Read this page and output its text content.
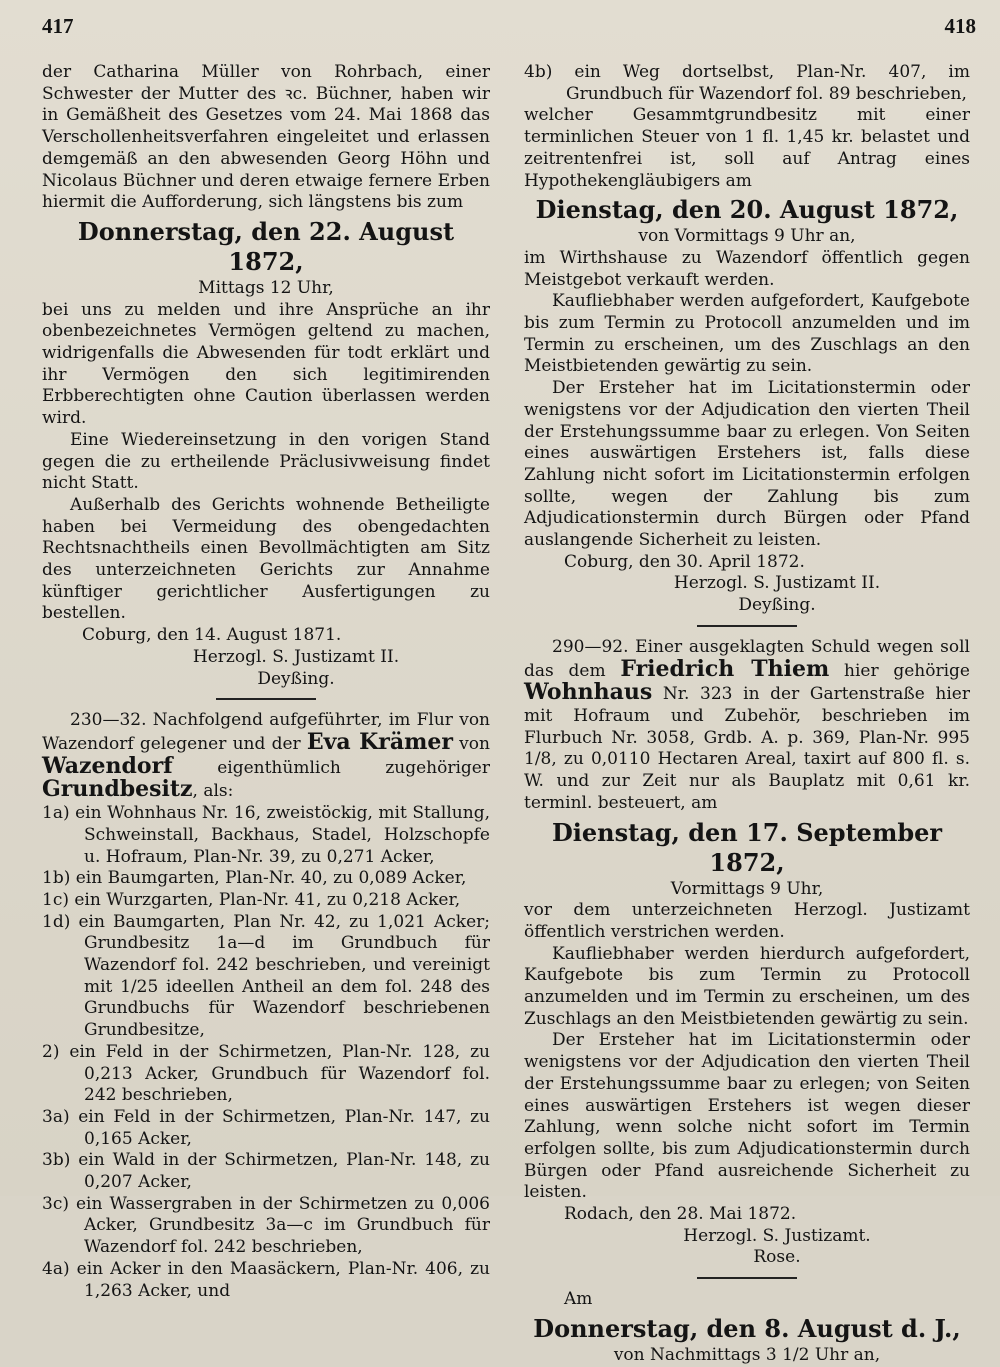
417	418

der Catharina Müller von Rohrbach, einer Schwester der Mutter des ꝛc. Büchner, haben wir in Gemäßheit des Gesetzes vom 24. Mai 1868 das Verschollenheitsverfahren eingeleitet und erlassen demgemäß an den abwesenden Georg Höhn und Nicolaus Büchner und deren etwaige fernere Erben hiermit die Aufforderung, sich längstens bis zum

Donnerstag, den 22. August 1872,

Mittags 12 Uhr,

bei uns zu melden und ihre Ansprüche an ihr obenbezeichnetes Vermögen geltend zu machen, widrigenfalls die Abwesenden für todt erklärt und ihr Vermögen den sich legitimirenden Erbberechtigten ohne Caution überlassen werden wird.

Eine Wiedereinsetzung in den vorigen Stand gegen die zu ertheilende Präclusivweisung findet nicht Statt.

Außerhalb des Gerichts wohnende Betheiligte haben bei Vermeidung des obengedachten Rechtsnachtheils einen Bevollmächtigten am Sitz des unterzeichneten Gerichts zur Annahme künftiger gerichtlicher Ausfertigungen zu bestellen.

Coburg, den 14. August 1871.

Herzogl. S. Justizamt II.

Deyßing.

230—32. Nachfolgend aufgeführter, im Flur von Wazendorf gelegener und der Eva Krämer von Wazendorf eigenthümlich zugehöriger Grundbesitz, als:

1a) ein Wohnhaus Nr. 16, zweistöckig, mit Stallung, Schweinstall, Backhaus, Stadel, Holzschopfe u. Hofraum, Plan-Nr. 39, zu 0,271 Acker,

1b) ein Baumgarten, Plan-Nr. 40, zu 0,089 Acker,

1c) ein Wurzgarten, Plan-Nr. 41, zu 0,218 Acker,

1d) ein Baumgarten, Plan Nr. 42, zu 1,021 Acker; Grundbesitz 1a—d im Grundbuch für Wazendorf fol. 242 beschrieben, und vereinigt mit 1/25 ideellen Antheil an dem fol. 248 des Grundbuchs für Wazendorf beschriebenen Grundbesitze,

2) ein Feld in der Schirmetzen, Plan-Nr. 128, zu 0,213 Acker, Grundbuch für Wazendorf fol. 242 beschrieben,

3a) ein Feld in der Schirmetzen, Plan-Nr. 147, zu 0,165 Acker,

3b) ein Wald in der Schirmetzen, Plan-Nr. 148, zu 0,207 Acker,

3c) ein Wassergraben in der Schirmetzen zu 0,006 Acker, Grundbesitz 3a—c im Grundbuch für Wazendorf fol. 242 beschrieben,

4a) ein Acker in den Maasäckern, Plan-Nr. 406, zu 1,263 Acker, und

4b) ein Weg dortselbst, Plan-Nr. 407, im Grundbuch für Wazendorf fol. 89 beschrieben,

welcher Gesammtgrundbesitz mit einer terminlichen Steuer von 1 fl. 1,45 kr. belastet und zeitrentenfrei ist, soll auf Antrag eines Hypothekengläubigers am

Dienstag, den 20. August 1872,

von Vormittags 9 Uhr an,

im Wirthshause zu Wazendorf öffentlich gegen Meistgebot verkauft werden.

Kaufliebhaber werden aufgefordert, Kaufgebote bis zum Termin zu Protocoll anzumelden und im Termin zu erscheinen, um des Zuschlags an den Meistbietenden gewärtig zu sein.

Der Ersteher hat im Licitationstermin oder wenigstens vor der Adjudication den vierten Theil der Erstehungssumme baar zu erlegen. Von Seiten eines auswärtigen Erstehers ist, falls diese Zahlung nicht sofort im Licitationstermin erfolgen sollte, wegen der Zahlung bis zum Adjudicationstermin durch Bürgen oder Pfand auslangende Sicherheit zu leisten.

Coburg, den 30. April 1872.

Herzogl. S. Justizamt II.

Deyßing.

290—92. Einer ausgeklagten Schuld wegen soll das dem Friedrich Thiem hier gehörige Wohnhaus Nr. 323 in der Gartenstraße hier mit Hofraum und Zubehör, beschrieben im Flurbuch Nr. 3058, Grdb. A. p. 369, Plan-Nr. 995 1/8, zu 0,0110 Hectaren Areal, taxirt auf 800 fl. s. W. und zur Zeit nur als Bauplatz mit 0,61 kr. terminl. besteuert, am

Dienstag, den 17. September 1872,

Vormittags 9 Uhr,

vor dem unterzeichneten Herzogl. Justizamt öffentlich verstrichen werden.

Kaufliebhaber werden hierdurch aufgefordert, Kaufgebote bis zum Termin zu Protocoll anzumelden und im Termin zu erscheinen, um des Zuschlags an den Meistbietenden gewärtig zu sein.

Der Ersteher hat im Licitationstermin oder wenigstens vor der Adjudication den vierten Theil der Erstehungssumme baar zu erlegen; von Seiten eines auswärtigen Erstehers ist wegen dieser Zahlung, wenn solche nicht sofort im Termin erfolgen sollte, bis zum Adjudicationstermin durch Bürgen oder Pfand ausreichende Sicherheit zu leisten.

Rodach, den 28. Mai 1872.

Herzogl. S. Justizamt.

Rose.

Am

Donnerstag, den 8. August d. J.,

von Nachmittags 3 1/2 Uhr an,
